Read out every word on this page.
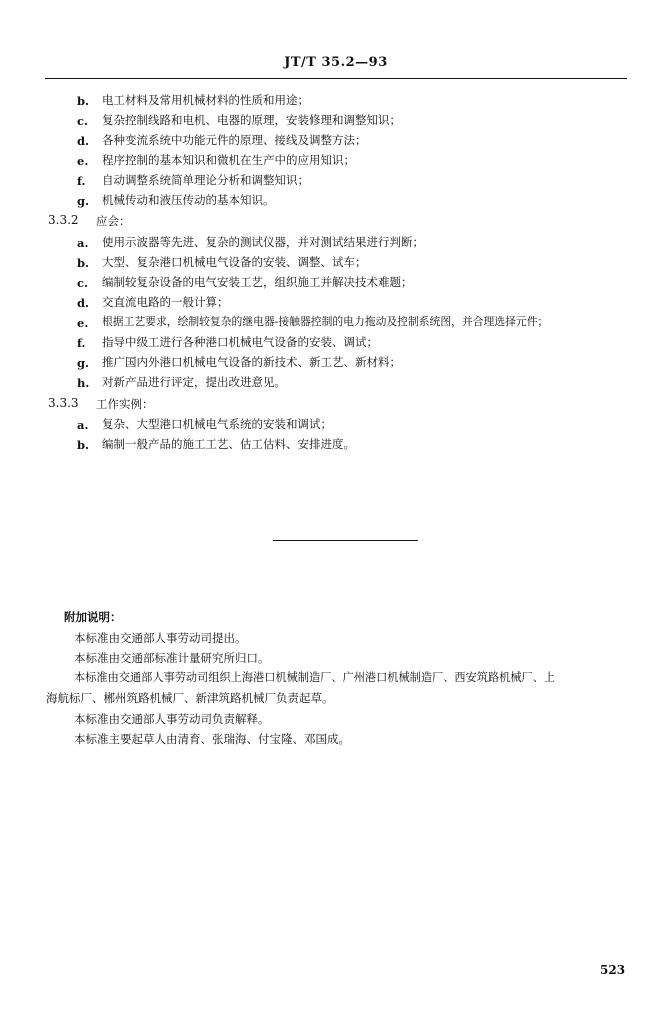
JT/T 35.2—93
b. 电工材料及常用机械材料的性质和用途；
c. 复杂控制线路和电机、电器的原理，安装修理和调整知识；
d. 各种变流系统中功能元件的原理、接线及调整方法；
e. 程序控制的基本知识和微机在生产中的应用知识；
f. 自动调整系统简单理论分析和调整知识；
g. 机械传动和液压传动的基本知识。
3.3.2 应会：
a. 使用示波器等先进、复杂的测试仪器，并对测试结果进行判断；
b. 大型、复杂港口机械电气设备的安装、调整、试车；
c. 编制较复杂设备的电气安装工艺，组织施工并解决技术难题；
d. 交直流电路的一般计算；
e. 根据工艺要求，绘制较复杂的继电器-接触器控制的电力拖动及控制系统图，并合理选择元件；
f. 指导中级工进行各种港口机械电气设备的安装、调试；
g. 推广国内外港口机械电气设备的新技术、新工艺、新材料；
h. 对新产品进行评定，提出改进意见。
3.3.3 工作实例：
a. 复杂、大型港口机械电气系统的安装和调试；
b. 编制一般产品的施工工艺、估工估料、安排进度。
附加说明：
本标准由交通部人事劳动司提出。
本标准由交通部标准计量研究所归口。
本标准由交通部人事劳动司组织上海港口机械制造厂、广州港口机械制造厂、西安筑路机械厂、上
海航标厂、郴州筑路机械厂、新津筑路机械厂负责起草。
本标准由交通部人事劳动司负责解释。
本标准主要起草人由清育、张瑞海、付宝隆、邓国成。
523
